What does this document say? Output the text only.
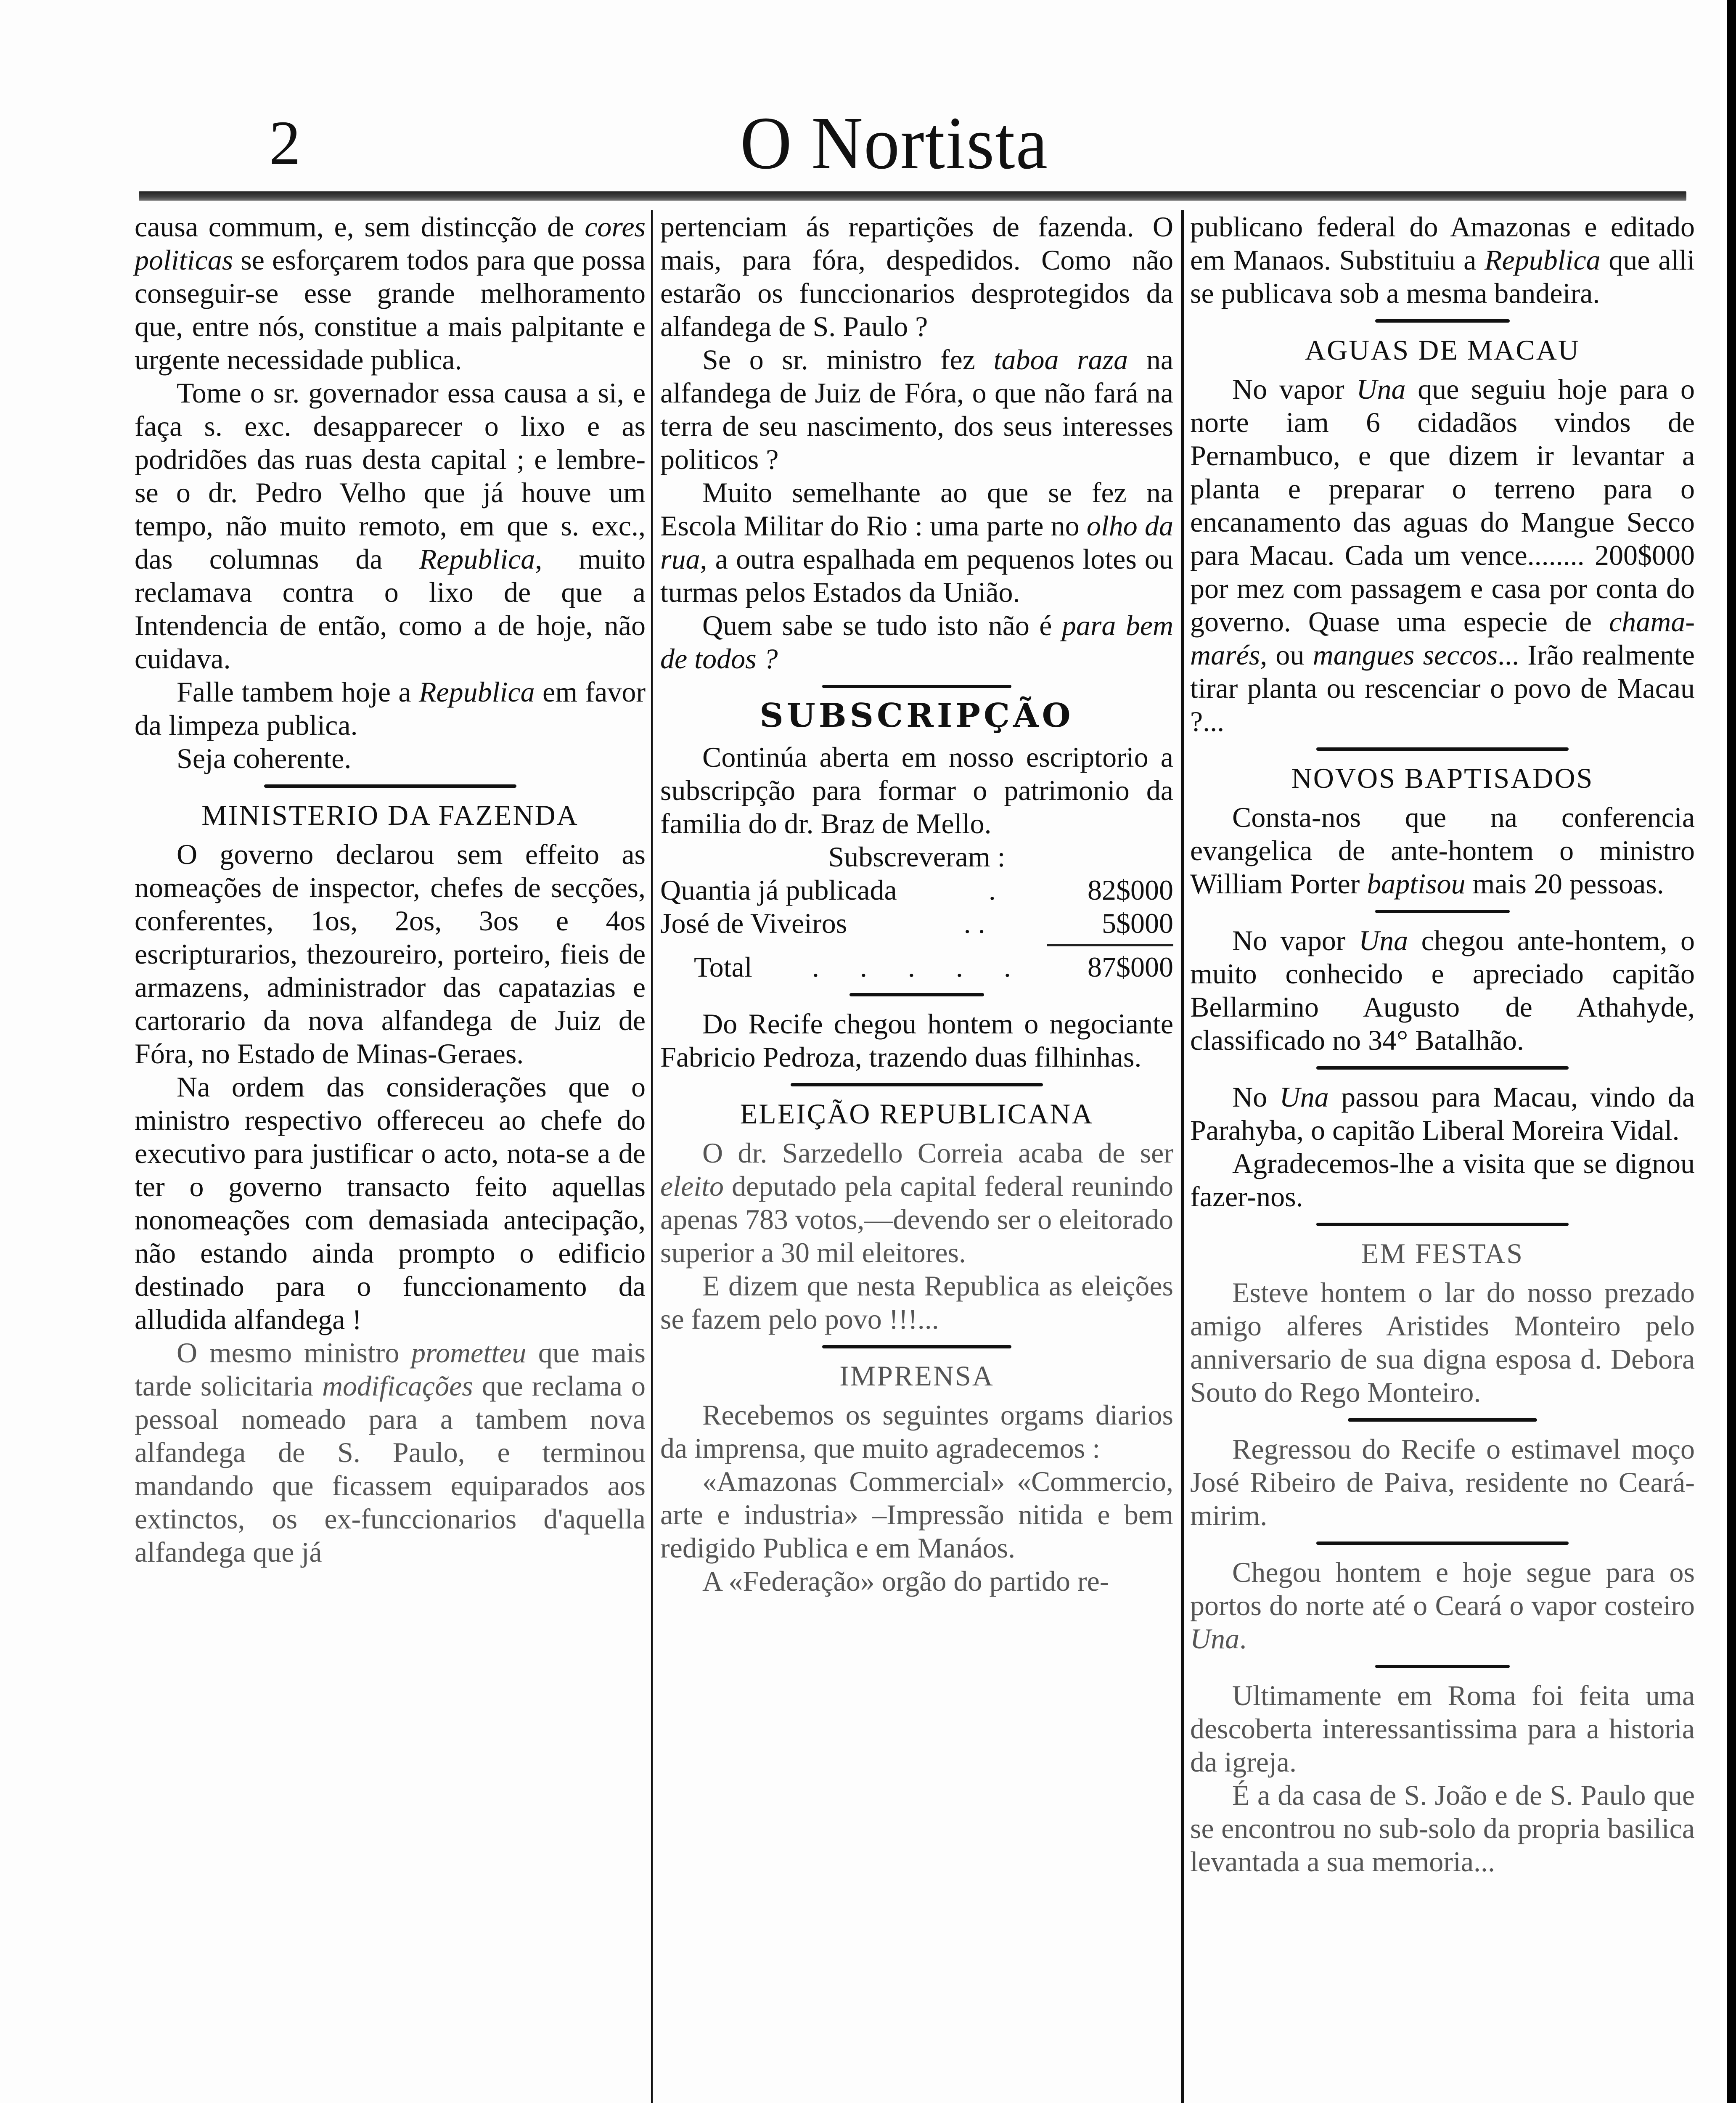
2	O Nortista

causa commum, e, sem distincção de cores politicas se esforçarem todos para que possa conseguir-se esse grande melhoramento que, entre nós, constitue a mais palpitante e urgente necessidade publica.

Tome o sr. governador essa causa a si, e faça s. exc. desapparecer o lixo e as podridões das ruas desta capital ; e lembre-se o dr. Pedro Velho que já houve um tempo, não muito remoto, em que s. exc., das columnas da Republica, muito reclamava contra o lixo de que a Intendencia de então, como a de hoje, não cuidava.

Falle tambem hoje a Republica em favor da limpeza publica.

Seja coherente.

MINISTERIO DA FAZENDA

O governo declarou sem effeito as nomeações de inspector, chefes de secções, conferentes, 1os, 2os, 3os e 4os escripturarios, thezoureiro, porteiro, fieis de armazens, administrador das capatazias e cartorario da nova alfandega de Juiz de Fóra, no Estado de Minas-Geraes.

Na ordem das considerações que o ministro respectivo offereceu ao chefe do executivo para justificar o acto, nota-se a de ter o governo transacto feito aquellas nonomeações com demasiada antecipação, não estando ainda prompto o edificio destinado para o funccionamento da alludida alfandega !

O mesmo ministro prometteu que mais tarde solicitaria modificações que reclama o pessoal nomeado para a tambem nova alfandega de S. Paulo, e terminou mandando que ficassem equiparados aos extinctos, os ex-funccionarios d'aquella alfandega que já

pertenciam ás repartições de fazenda. O mais, para fóra, despedidos. Como não estarão os funccionarios desprotegidos da alfandega de S. Paulo ?

Se o sr. ministro fez taboa raza na alfandega de Juiz de Fóra, o que não fará na terra de seu nascimento, dos seus interesses politicos ?

Muito semelhante ao que se fez na Escola Militar do Rio : uma parte no olho da rua, a outra espalhada em pequenos lotes ou turmas pelos Estados da União.

Quem sabe se tudo isto não é para bem de todos ?

SUBSCRIPÇÃO

Continúa aberta em nosso escriptorio a subscripção para formar o patrimonio da familia do dr. Braz de Mello.

Subscreveram :

Quantia já publicada	.	82$000
José de Viveiros	. .	5$000
Total . . . . . 87$000

Do Recife chegou hontem o negociante Fabricio Pedroza, trazendo duas filhinhas.

ELEIÇÃO REPUBLICANA

O dr. Sarzedello Correia acaba de ser eleito deputado pela capital federal reunindo apenas 783 votos,—devendo ser o eleitorado superior a 30 mil eleitores.

E dizem que nesta Republica as eleições se fazem pelo povo !!!...

IMPRENSA

Recebemos os seguintes orgams diarios da imprensa, que muito agradecemos :

«Amazonas Commercial» «Commercio, arte e industria» –Impressão nitida e bem redigido Publica e em Manáos.

A «Federação» orgão do partido re-

publicano federal do Amazonas e editado em Manaos. Substituiu a Republica que alli se publicava sob a mesma bandeira.

AGUAS DE MACAU

No vapor Una que seguiu hoje para o norte iam 6 cidadãos vindos de Pernambuco, e que dizem ir levantar a planta e preparar o terreno para o encanamento das aguas do Mangue Secco para Macau. Cada um vence........ 200$000 por mez com passagem e casa por conta do governo. Quase uma especie de chama-marés, ou mangues seccos... Irão realmente tirar planta ou rescenciar o povo de Macau ?...

NOVOS BAPTISADOS

Consta-nos que na conferencia evangelica de ante-hontem o ministro William Porter baptisou mais 20 pessoas.

No vapor Una chegou ante-hontem, o muito conhecido e apreciado capitão Bellarmino Augusto de Athahyde, classificado no 34° Batalhão.

No Una passou para Macau, vindo da Parahyba, o capitão Liberal Moreira Vidal.

Agradecemos-lhe a visita que se dignou fazer-nos.

EM FESTAS

Esteve hontem o lar do nosso prezado amigo alferes Aristides Monteiro pelo anniversario de sua digna esposa d. Debora Souto do Rego Monteiro.

Regressou do Recife o estimavel moço José Ribeiro de Paiva, residente no Ceará-mirim.

Chegou hontem e hoje segue para os portos do norte até o Ceará o vapor costeiro Una.

Ultimamente em Roma foi feita uma descoberta interessantissima para a historia da igreja.

É a da casa de S. João e de S. Paulo que se encontrou no sub-solo da propria basilica levantada a sua memoria...
